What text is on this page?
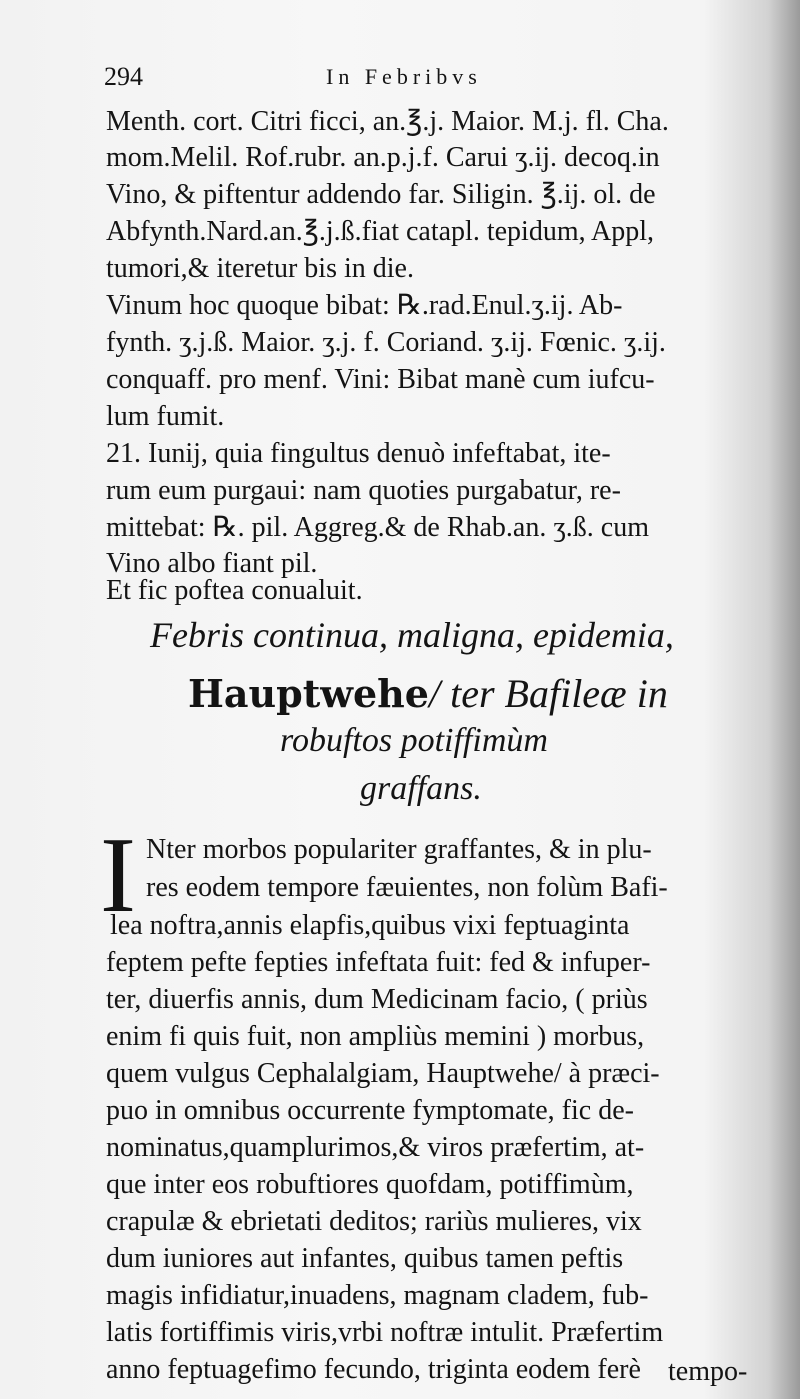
294	In Febribvs
Menth. cort. Citri ficci, an.℥.j. Maior. M.j. fl. Cha.
mom.Melil. Rof.rubr. an.p.j.f. Carui ʒ.ij. decoq.in
Vino, & piftentur addendo far. Siligin. ℥.ij. ol. de
Abfynth.Nard.an.℥.j.ß.fiat catapl. tepidum, Appl,
tumori,& iteretur bis in die.
Vinum hoc quoque bibat: ℞.rad.Enul.ʒ.ij. Ab-
fynth. ʒ.j.ß. Maior. ʒ.j. f. Coriand. ʒ.ij. Fœnic. ʒ.ij.
conquaff. pro menf. Vini: Bibat manè cum iufcu-
lum fumit.
21. Iunij, quia fingultus denuò infeftabat, ite-
rum eum purgaui: nam quoties purgabatur, re-
mittebat: ℞. pil. Aggreg.& de Rhab.an. ʒ.ß. cum
Vino albo fiant pil.
Et fic poftea conualuit.
Febris continua, maligna, epidemia,
Hauptwehe/ ter Bafileæ in
robuftos potiffimùm
graffans.
I Nter morbos populariter graffantes, & in plu-
res eodem tempore fæuientes, non folùm Bafi-
lea noftra,annis elapfis,quibus vixi feptuaginta
feptem pefte fepties infeftata fuit: fed & infuper-
ter, diuerfis annis, dum Medicinam facio, ( priùs
enim fi quis fuit, non ampliùs memini ) morbus,
quem vulgus Cephalalgiam, Hauptwehe/ à præci-
puo in omnibus occurrente fymptomate, fic de-
nominatus,quamplurimos,& viros præfertim, at-
que inter eos robuftiores quofdam, potiffimùm,
crapulæ & ebrietati deditos; rariùs mulieres, vix
dum iuniores aut infantes, quibus tamen peftis
magis infidiatur,inuadens, magnam cladem, fub-
latis fortiffimis viris,vrbi noftræ intulit. Præfertim
anno feptuagefimo fecundo, triginta eodem ferè tempo-
